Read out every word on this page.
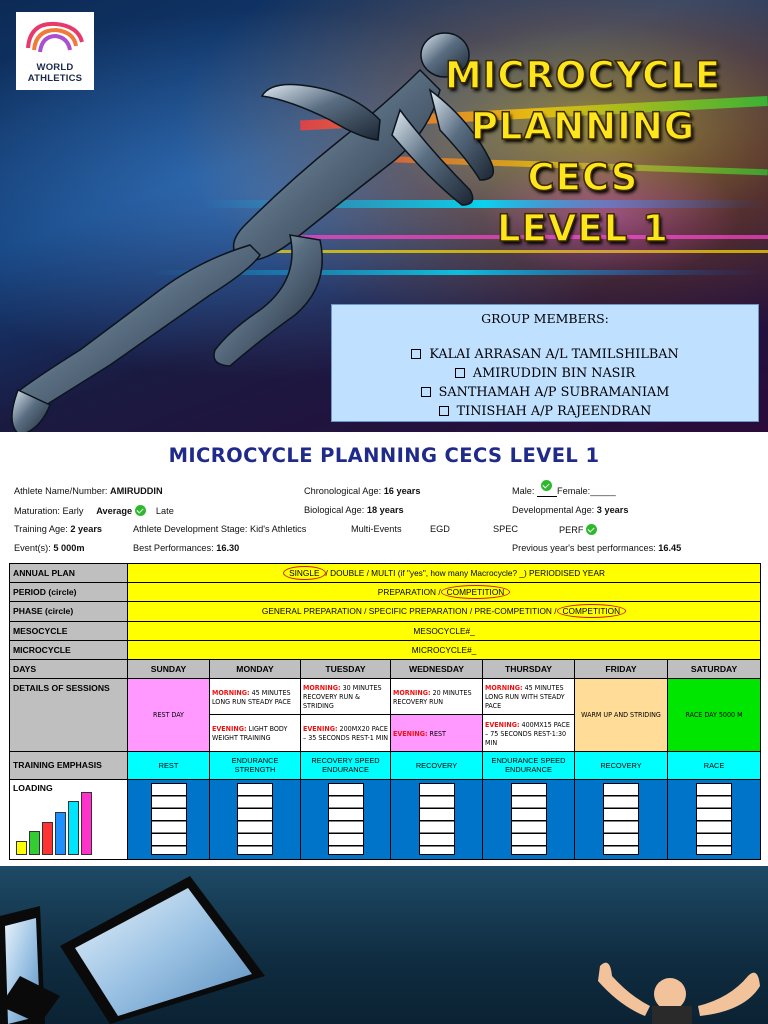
WORLD
ATHLETICS	MICROCYCLE
PLANNING
CECS
LEVEL 1
GROUP MEMBERS:
KALAI ARRASAN A/L TAMILSHILBAN
AMIRUDDIN BIN NASIR
SANTHAMAH A/P SUBRAMANIAM
TINISHAH A/P RAJEENDRAN
MICROCYCLE PLANNING CECS LEVEL 1
Athlete Name/Number: AMIRUDDIN	Chronological Age: 16 years	Male:
Female:_____
Maturation: Early Average	Late	Biological Age: 18 years	Developmental Age: 3 years
Training Age: 2 years	Athlete Development Stage: Kid's Athletics	Multi-Events	EGD	SPEC	PERF
Event(s): 5 000m	Best Performances: 16.30	Previous year's best performances: 16.45
ANNUAL PLAN	SINGLE / DOUBLE / MULTI (if "yes", how many Macrocycle? _) PERIODISED YEAR						
PERIOD (circle)	PREPARATION / COMPETITION						
PHASE (circle)	GENERAL PREPARATION / SPECIFIC PREPARATION / PRE-COMPETITION / COMPETITION						
MESOCYCLE	MESOCYCLE#_						
MICROCYCLE	MICROCYCLE#_						
DAYS	SUNDAY	MONDAY	TUESDAY	WEDNESDAY	THURSDAY	FRIDAY	SATURDAY
DETAILS OF SESSIONS	REST DAY	MORNING: 45 MINUTES LONG RUN STEADY PACE	MORNING: 30 MINUTES RECOVERY RUN & STRIDING	MORNING: 20 MINUTES RECOVERY RUN	MORNING: 45 MINUTES LONG RUN WITH STEADY PACE	WARM UP AND STRIDING	RACE DAY 5000 M
		EVENING: LIGHT BODY WEIGHT TRAINING	EVENING: 200MX20 PACE – 35 SECONDS REST-1 MIN	EVENING: REST	EVENING: 400MX15 PACE – 75 SECONDS REST-1:30 MIN		
TRAINING EMPHASIS	REST	ENDURANCE STRENGTH	RECOVERY SPEED ENDURANCE	RECOVERY	ENDURANCE SPEED ENDURANCE	RECOVERY	RACE
LOADING
